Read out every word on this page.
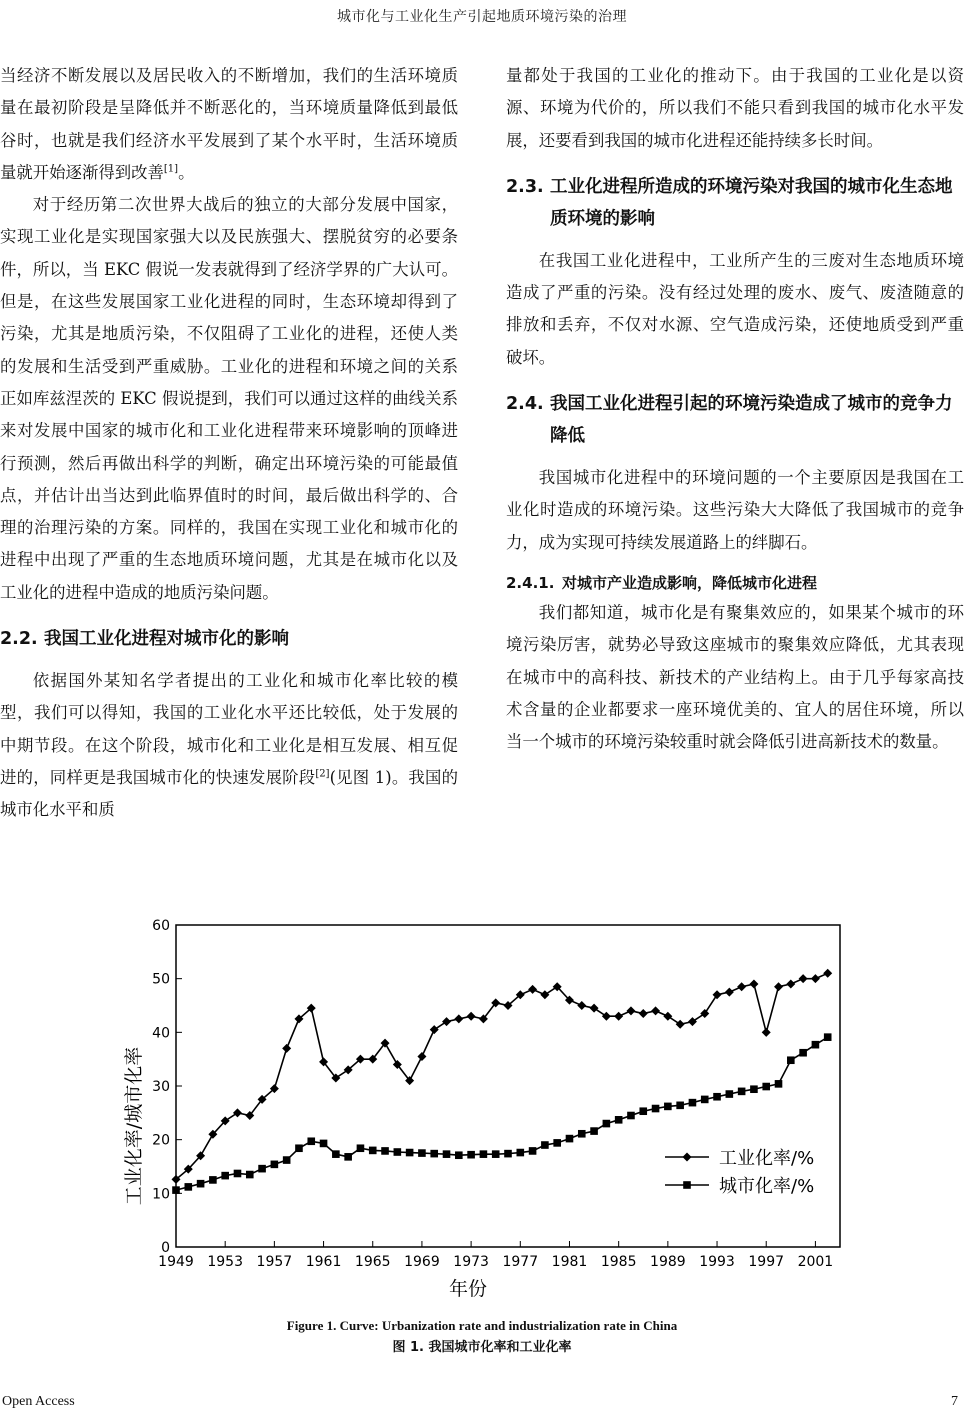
城市化与工业化生产引起地质环境污染的治理

当经济不断发展以及居民收入的不断增加，我们的生活环境质量在最初阶段是呈降低并不断恶化的，当环境质量降低到最低谷时，也就是我们经济水平发展到了某个水平时，生活环境质量就开始逐渐得到改善[1]。

对于经历第二次世界大战后的独立的大部分发展中国家，实现工业化是实现国家强大以及民族强大、摆脱贫穷的必要条件，所以，当 EKC 假说一发表就得到了经济学界的广大认可。但是，在这些发展国家工业化进程的同时，生态环境却得到了污染，尤其是地质污染，不仅阻碍了工业化的进程，还使人类的发展和生活受到严重威胁。工业化的进程和环境之间的关系正如库兹涅茨的 EKC 假说提到，我们可以通过这样的曲线关系来对发展中国家的城市化和工业化进程带来环境影响的顶峰进行预测，然后再做出科学的判断，确定出环境污染的可能最值点，并估计出当达到此临界值时的时间，最后做出科学的、合理的治理污染的方案。同样的，我国在实现工业化和城市化的进程中出现了严重的生态地质环境问题，尤其是在城市化以及工业化的进程中造成的地质污染问题。

2.2. 我国工业化进程对城市化的影响

依据国外某知名学者提出的工业化和城市化率比较的模型，我们可以得知，我国的工业化水平还比较低，处于发展的中期节段。在这个阶段，城市化和工业化是相互发展、相互促进的，同样更是我国城市化的快速发展阶段[2](见图 1)。我国的城市化水平和质

量都处于我国的工业化的推动下。由于我国的工业化是以资源、环境为代价的，所以我们不能只看到我国的城市化水平发展，还要看到我国的城市化进程还能持续多长时间。

2.3. 工业化进程所造成的环境污染对我国的城市化生态地质环境的影响

在我国工业化进程中，工业所产生的三废对生态地质环境造成了严重的污染。没有经过处理的废水、废气、废渣随意的排放和丢弃，不仅对水源、空气造成污染，还使地质受到严重破坏。

2.4. 我国工业化进程引起的环境污染造成了城市的竞争力降低

我国城市化进程中的环境问题的一个主要原因是我国在工业化时造成的环境污染。这些污染大大降低了我国城市的竞争力，成为实现可持续发展道路上的绊脚石。

2.4.1. 对城市产业造成影响，降低城市化进程

我们都知道，城市化是有聚集效应的，如果某个城市的环境污染厉害，就势必导致这座城市的聚集效应降低，尤其表现在城市中的高科技、新技术的产业结构上。由于几乎每家高技术含量的企业都要求一座环境优美的、宜人的居住环境，所以当一个城市的环境污染较重时就会降低引进高新技术的数量。

0
10
20
30
40
50
60
1949 1953 1957 1961 1965 1969 1973 1977 1981 1985 1989 1993 1997 2001
年份
工业化率/城市化率	工业化率/%
城市化率/%
Figure 1. Curve: Urbanization rate and industrialization rate in China
图 1. 我国城市化率和工业化率
Open Access	7
